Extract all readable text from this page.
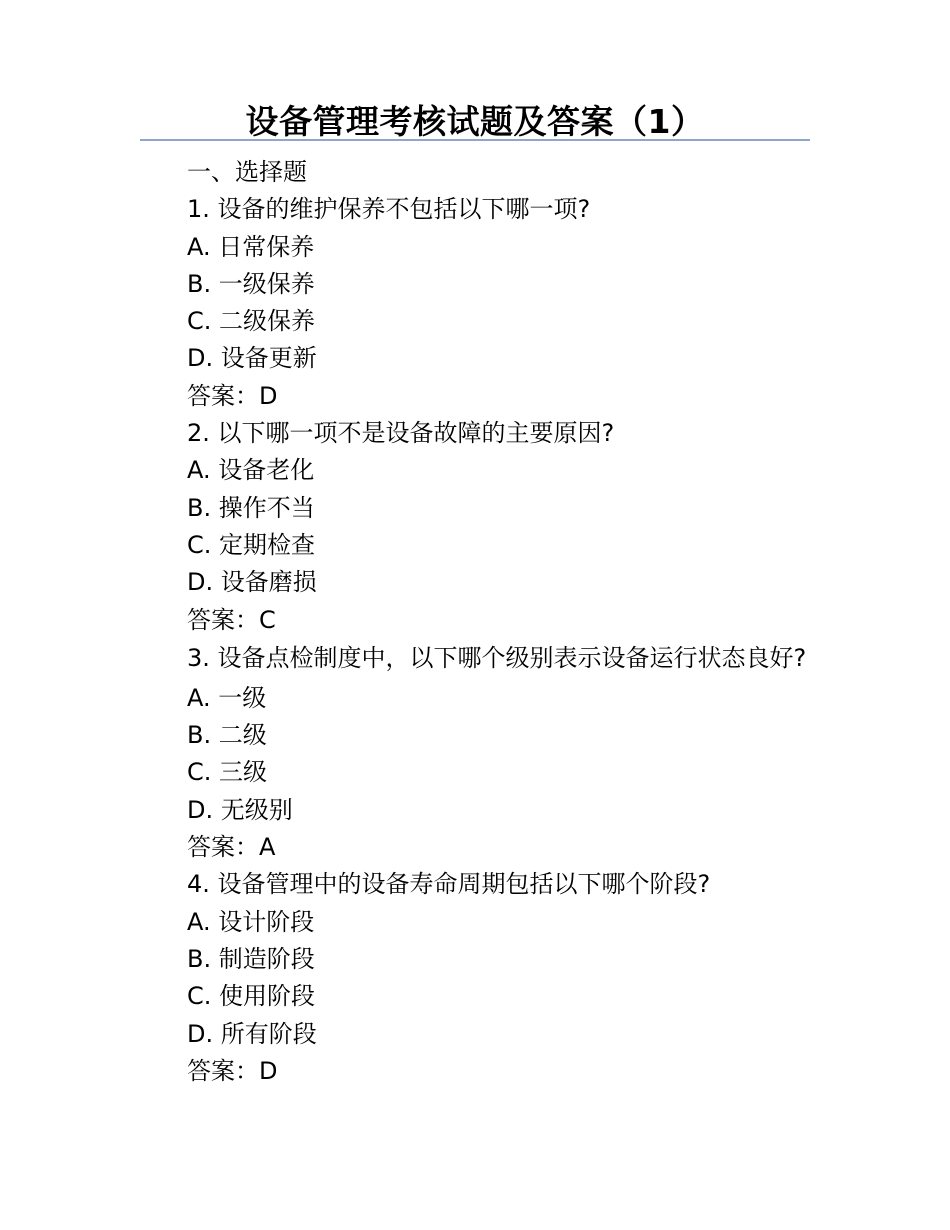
设备管理考核试题及答案（1）

一、选择题

1. 设备的维护保养不包括以下哪一项?

A. 日常保养

B. 一级保养

C. 二级保养

D. 设备更新

答案：D

2. 以下哪一项不是设备故障的主要原因?

A. 设备老化

B. 操作不当

C. 定期检查

D. 设备磨损

答案：C

3. 设备点检制度中，以下哪个级别表示设备运行状态良好?

A. 一级

B. 二级

C. 三级

D. 无级别

答案：A

4. 设备管理中的设备寿命周期包括以下哪个阶段?

A. 设计阶段

B. 制造阶段

C. 使用阶段

D. 所有阶段

答案：D
